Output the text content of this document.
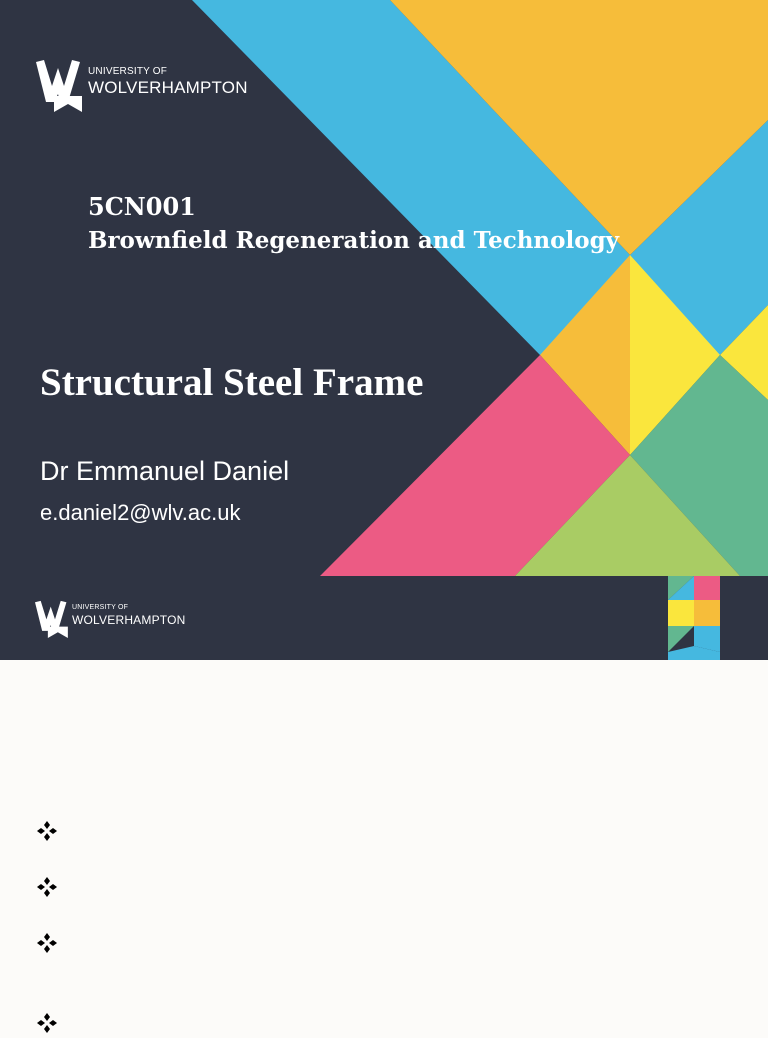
UNIVERSITY OF
WOLVERHAMPTON
5CN001
Brownfield Regeneration and Technology
Structural Steel Frame

Dr Emmanuel Daniel

e.daniel2@wlv.ac.uk

UNIVERSITY OF
WOLVERHAMPTON
